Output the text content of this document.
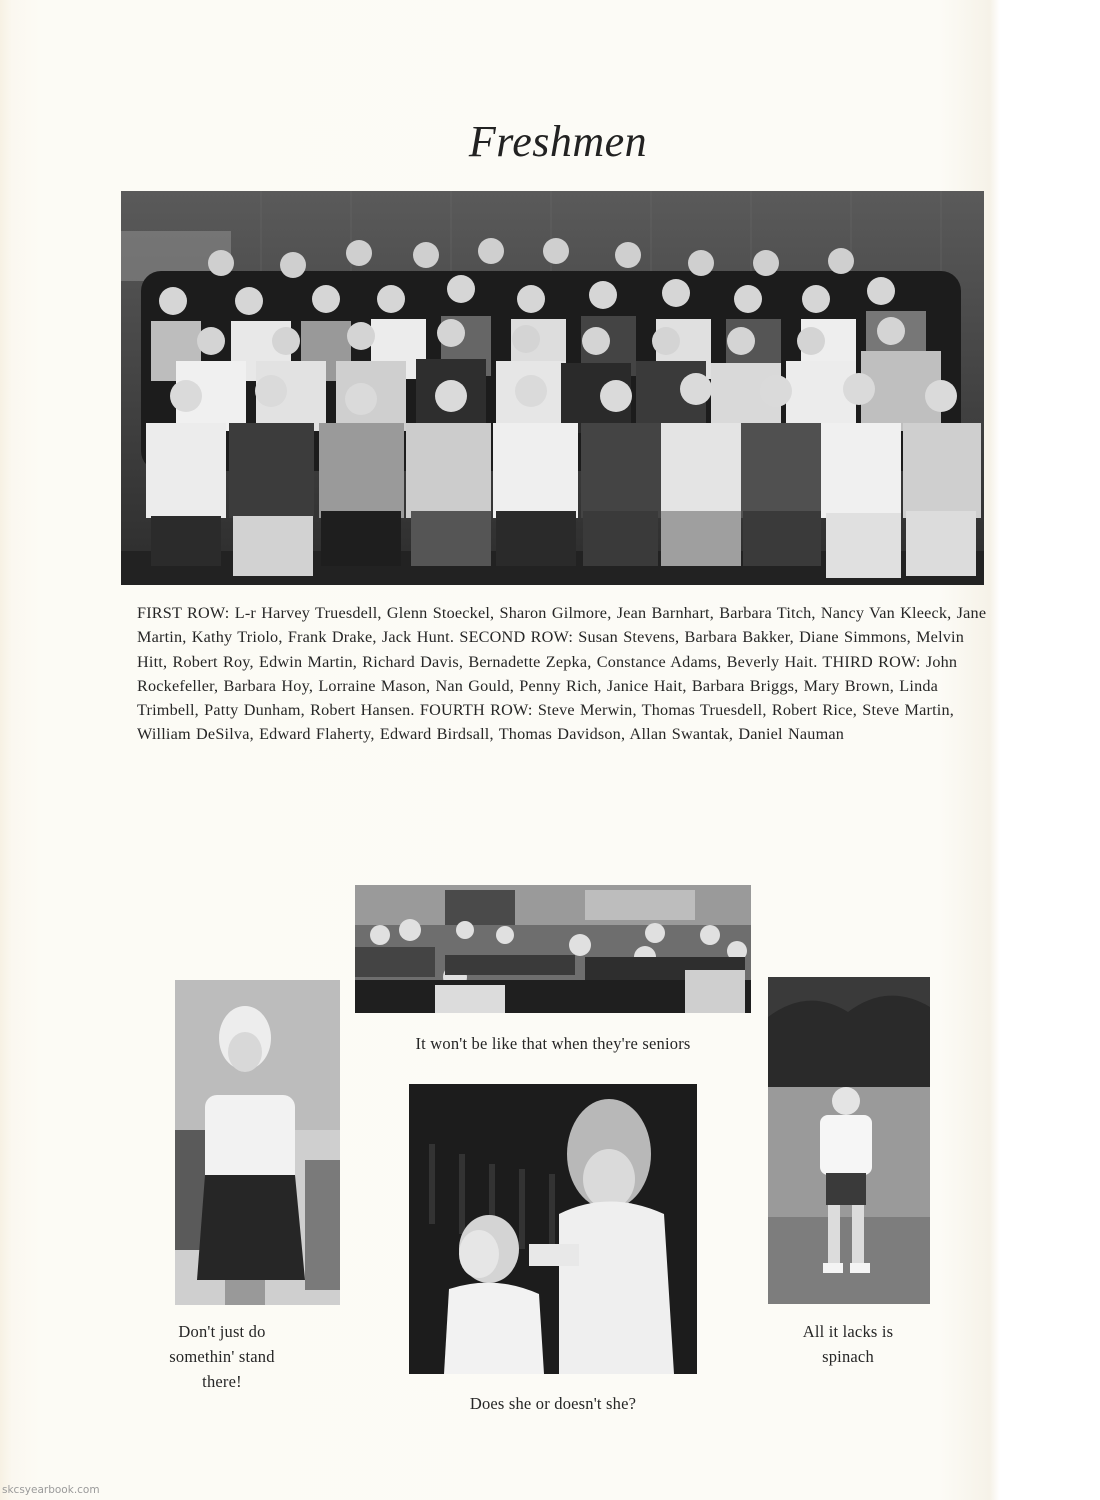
Freshmen
FIRST ROW: L-r Harvey Truesdell, Glenn Stoeckel, Sharon Gilmore, Jean Barnhart, Barbara Titch, Nancy Van Kleeck, Jane Martin, Kathy Triolo, Frank Drake, Jack Hunt. SECOND ROW: Susan Stevens, Barbara Bakker, Diane Simmons, Melvin Hitt, Robert Roy, Edwin Martin, Richard Davis, Bernadette Zepka, Constance Adams, Beverly Hait. THIRD ROW: John Rockefeller, Barbara Hoy, Lorraine Mason, Nan Gould, Penny Rich, Janice Hait, Barbara Briggs, Mary Brown, Linda Trimbell, Patty Dunham, Robert Hansen. FOURTH ROW: Steve Merwin, Thomas Truesdell, Robert Rice, Steve Martin, William DeSilva, Edward Flaherty, Edward Birdsall, Thomas Davidson, Allan Swantak, Daniel Nauman
It won't be like that when they're seniors
Don't just do somethin' stand there!
Does she or doesn't she?
All it lacks is spinach
skcsyearbook.com
